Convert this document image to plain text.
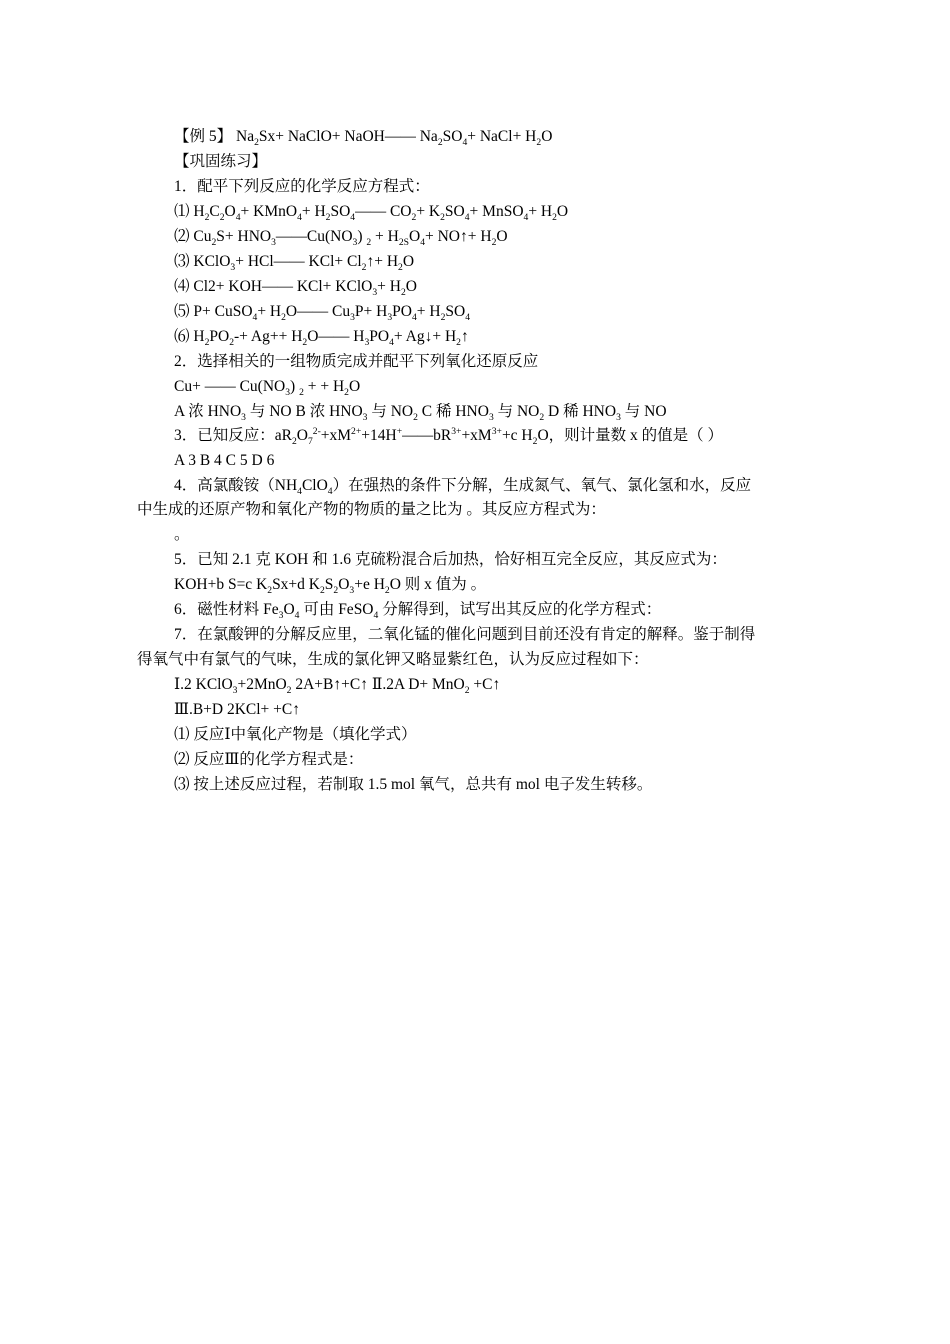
【例 5】 $Na_2Sx+$ NaClO+ NaOH—— $Na_2SO_4+$ NaCl+ $H_2O$
【巩固练习】
1．配平下列反应的化学反应方程式：
⑴ $H_2C_2O_4+$ KMnO$_4$+ $H_2SO_4——$ $CO_2+ K_2SO_4+$ MnSO$_4$+ $H_2O$
⑵ $Cu_2S+$ $HNO_3——Cu(NO_3) _2 + H_{2S}O_4+$ NO↑+ $H_2O$
⑶ KClO$_3$+ HCl—— $KCl+ Cl_2↑+ H_2O$
⑷ Cl2+ KOH—— KCl+ KClO$_3$+ $H_2O$
⑸ P+ CuSO$_4$+ $H_2O——$ $Cu_3P+ H_3PO_4+ H_2SO_4$
⑹ $H_2PO_2-+ Ag++$ $H_2O——$ $H_3PO_4+$ Ag↓+ $H_2↑$
2．选择相关的一组物质完成并配平下列氧化还原反应
Cu+ —— $Cu(NO_3) _2$ + + $H_2O$
A 浓 $HNO_3$ 与 NO B 浓 $HNO_3$ 与 $NO_2$ C 稀 $HNO_3$ 与 $NO_2$ D 稀 $HNO_3$ 与 NO
3．已知反应：$aR_2O_7^{2-}+xM^{2+}+14H^+——bR^{3+}+xM^{3+}+c$ $H_2O$，则计量数 x 的值是（ ）
A 3 B 4 C 5 D 6
4．高氯酸铵$(NH_4ClO_4)$在强热的条件下分解，生成氮气、氧气、氯化氢和水，反应
中生成的还原产物和氧化产物的物质的量之比为 。其反应方程式为：
。
5．已知 2.1 克 KOH 和 1.6 克硫粉混合后加热，恰好相互完全反应，其反应式为：
KOH+b S=c $K_2Sx+d$ $K_2S_2O_3+e$ $H_2O$ 则 x 值为 。
6．磁性材料 $Fe_3O_4$ 可由 FeSO$_4$ 分解得到，试写出其反应的化学方程式：
7．在氯酸钾的分解反应里，二氧化锰的催化问题到目前还没有肯定的解释。鉴于制得
得氧气中有氯气的气味，生成的氯化钾又略显紫红色，认为反应过程如下：
Ⅰ.2 KClO$_3$+2MnO$_2$ 2A+B↑+C↑ Ⅱ.2A D+ MnO$_2$ +C↑
Ⅲ.B+D 2KCl+ +C↑
⑴ 反应Ⅰ中氧化产物是（填化学式）
⑵ 反应Ⅲ的化学方程式是：
⑶ 按上述反应过程，若制取 1.5 mol 氧气，总共有 mol 电子发生转移。
